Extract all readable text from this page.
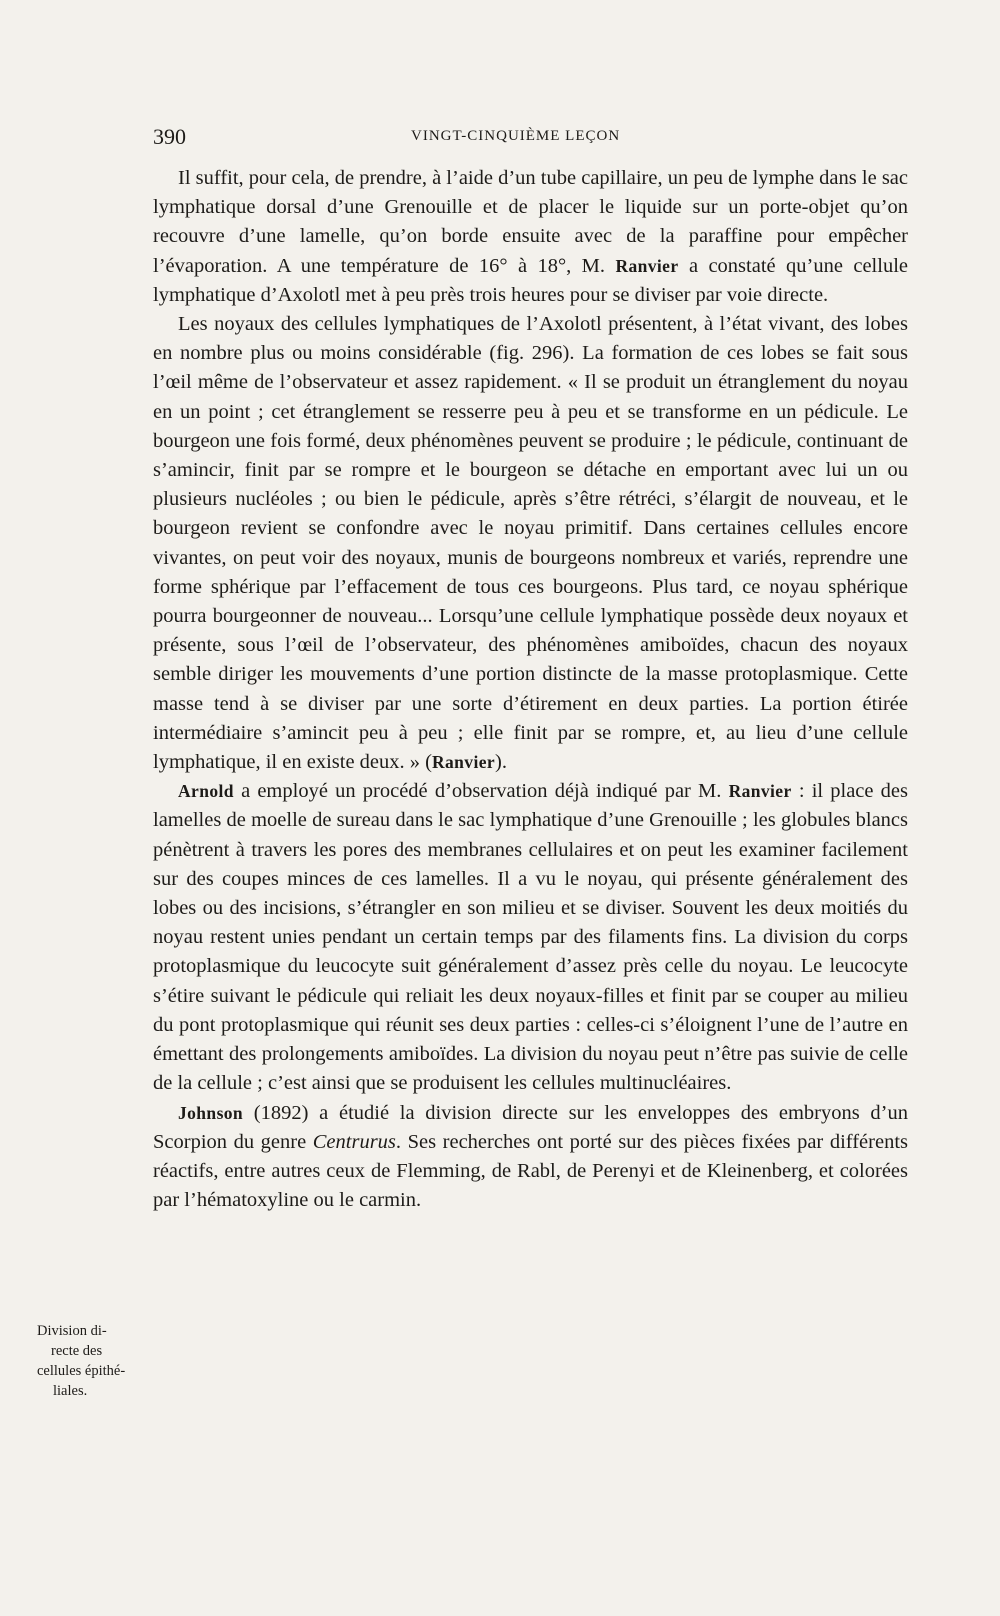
390	VINGT-CINQUIÈME LEÇON

Il suffit, pour cela, de prendre, à l’aide d’un tube capillaire, un peu de lymphe dans le sac lymphatique dorsal d’une Grenouille et de placer le liquide sur un porte-objet qu’on recouvre d’une lamelle, qu’on borde ensuite avec de la paraffine pour empêcher l’évaporation. A une température de 16° à 18°, M. Ranvier a constaté qu’une cellule lymphatique d’Axolotl met à peu près trois heures pour se diviser par voie directe.

Les noyaux des cellules lymphatiques de l’Axolotl présentent, à l’état vivant, des lobes en nombre plus ou moins considérable (fig. 296). La formation de ces lobes se fait sous l’œil même de l’observateur et assez rapidement. « Il se produit un étranglement du noyau en un point ; cet étranglement se resserre peu à peu et se transforme en un pédicule. Le bourgeon une fois formé, deux phénomènes peuvent se produire ; le pédicule, continuant de s’amincir, finit par se rompre et le bourgeon se détache en emportant avec lui un ou plusieurs nucléoles ; ou bien le pédicule, après s’être rétréci, s’élargit de nouveau, et le bourgeon revient se confondre avec le noyau primitif. Dans certaines cellules encore vivantes, on peut voir des noyaux, munis de bourgeons nombreux et variés, reprendre une forme sphérique par l’effacement de tous ces bourgeons. Plus tard, ce noyau sphérique pourra bourgeonner de nouveau... Lorsqu’une cellule lymphatique possède deux noyaux et présente, sous l’œil de l’observateur, des phénomènes amiboïdes, chacun des noyaux semble diriger les mouvements d’une portion distincte de la masse protoplasmique. Cette masse tend à se diviser par une sorte d’étirement en deux parties. La portion étirée intermédiaire s’amincit peu à peu ; elle finit par se rompre, et, au lieu d’une cellule lymphatique, il en existe deux. » (Ranvier).

Arnold a employé un procédé d’observation déjà indiqué par M. Ranvier : il place des lamelles de moelle de sureau dans le sac lymphatique d’une Grenouille ; les globules blancs pénètrent à travers les pores des membranes cellulaires et on peut les examiner facilement sur des coupes minces de ces lamelles. Il a vu le noyau, qui présente généralement des lobes ou des incisions, s’étrangler en son milieu et se diviser. Souvent les deux moitiés du noyau restent unies pendant un certain temps par des filaments fins. La division du corps protoplasmique du leucocyte suit généralement d’assez près celle du noyau. Le leucocyte s’étire suivant le pédicule qui reliait les deux noyaux-filles et finit par se couper au milieu du pont protoplasmique qui réunit ses deux parties : celles-ci s’éloignent l’une de l’autre en émettant des prolongements amiboïdes. La division du noyau peut n’être pas suivie de celle de la cellule ; c’est ainsi que se produisent les cellules multinucléaires.

Johnson (1892) a étudié la division directe sur les enveloppes des embryons d’un Scorpion du genre Centrurus. Ses recherches ont porté sur des pièces fixées par différents réactifs, entre autres ceux de Flemming, de Rabl, de Perenyi et de Kleinenberg, et colorées par l’hématoxyline ou le carmin.

Division di-
recte des
cellules épithé-
liales.
